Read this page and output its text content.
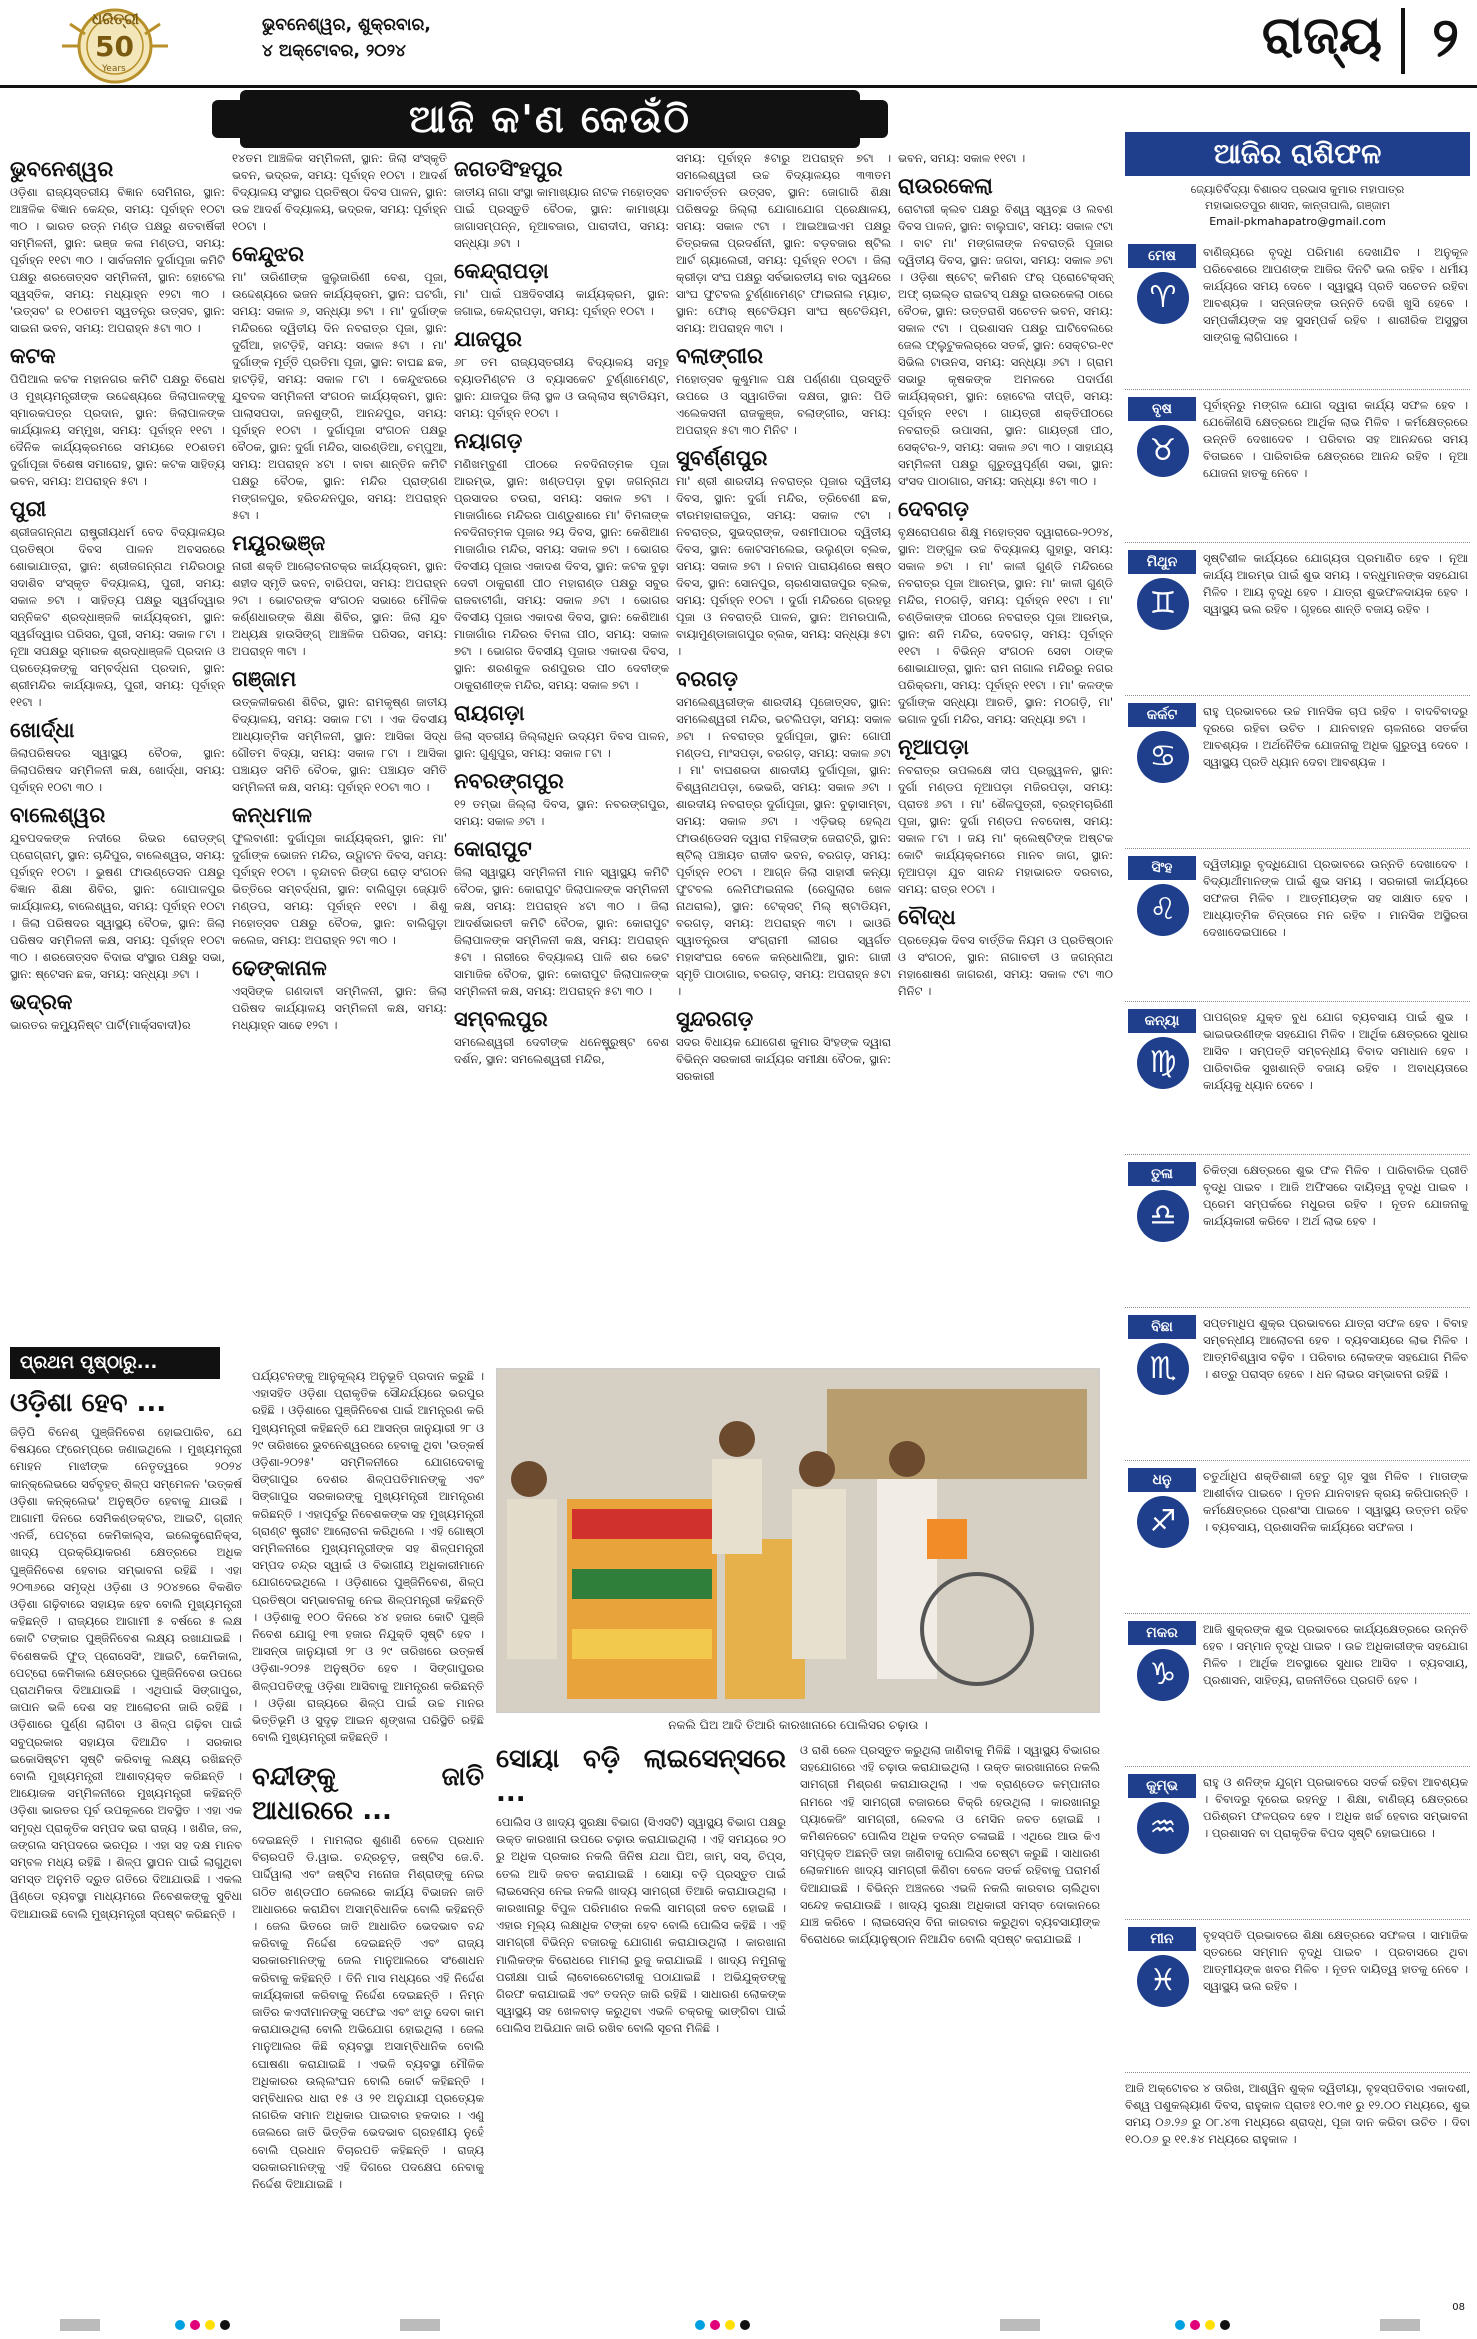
ଧରିତ୍ରୀ
50
Years
ଭୁବନେଶ୍ୱର, ଶୁକ୍ରବାର,
୪ ଅକ୍ଟୋବର, ୨୦୨୪	ରାଜ୍ୟ ୨
ଆଜି କ'ଣ କେଉଁଠି
ଭୁବନେଶ୍ୱର

ଓଡ଼ିଶା ରାଜ୍ୟସ୍ତରୀୟ ବିଜ୍ଞାନ ସେମିନାର, ସ୍ଥାନ: ଆଞ୍ଚଳିକ ବିଜ୍ଞାନ କେନ୍ଦ୍ର, ସମୟ: ପୂର୍ବାହ୍ନ ୧୦ଟା ୩୦ । ଭାରତ ରତ୍ନ ମଣ୍ଡ ପକ୍ଷରୁ ଶତବାର୍ଷିକୀ ସମ୍ମିଳନୀ, ସ୍ଥାନ: ଭଞ୍ଜ କଳା ମଣ୍ଡପ, ସମୟ: ପୂର୍ବାହ୍ନ ୧୧ଟା ୩୦ । ସାର୍ବଜନୀନ ଦୁର୍ଗାପୂଜା କମିଟି ପକ୍ଷରୁ ଶରତୋତ୍ସବ ସମ୍ମିଳନୀ, ସ୍ଥାନ: ହୋଟେଲ ସ୍ୱସ୍ତିକ, ସମୟ: ମଧ୍ୟାହ୍ନ ୧୨ଟା ୩୦ । 'ଉତ୍ସବ' ର ୧୦ଶତମ ସ୍ୱତନ୍ତ୍ର ଉତ୍ସବ, ସ୍ଥାନ: ସାଇନା ଭବନ, ସମୟ: ଅପରାହ୍ନ ୫ଟା ୩୦ ।

କଟକ

ପିପିଆଲ କଟକ ମହାନଗର କମିଟି ପକ୍ଷରୁ ବିରୋଧ ଓ ମୁଖ୍ୟମନ୍ତ୍ରୀଙ୍କ ଉଦ୍ଦେଶ୍ୟରେ ଜିଲାପାଳଙ୍କୁ ସ୍ମାରକପତ୍ର ପ୍ରଦାନ, ସ୍ଥାନ: ଜିଲାପାଳଙ୍କ କାର୍ଯ୍ୟାଳୟ ସମ୍ମୁଖ, ସମୟ: ପୂର୍ବାହ୍ନ ୧୧ଟା । ଦୈନିକ କାର୍ଯ୍ୟକ୍ରମରେ ସମୟରେ ୧୦ଶତମ ଦୁର୍ଗାପୂଜା ବିଶେଷ ସମାରୋହ, ସ୍ଥାନ: କଟକ ସାହିତ୍ୟ ଭବନ, ସମୟ: ଅପରାହ୍ନ ୫ଟା ।

ପୁରୀ

ଶ୍ରୀଜଗନ୍ନାଥ ରାଷ୍ଟ୍ରୀୟଧର୍ମ ବେଦ ବିଦ୍ୟାଳୟର ପ୍ରତିଷ୍ଠା ଦିବସ ପାଳନ ଅବସରରେ ଶୋଭାଯାତ୍ରା, ସ୍ଥାନ: ଶ୍ରୀଜଗନ୍ନାଥ ମନ୍ଦିରଠାରୁ ସଦାଶିବ ସଂସ୍କୃତ ବିଦ୍ୟାଳୟ, ପୁରୀ, ସମୟ: ସକାଳ ୭ଟା । ସାହିତ୍ୟ ପକ୍ଷରୁ ସ୍ୱର୍ଗଦ୍ୱାର ସନ୍ନିକଟ ଶ୍ରଦ୍ଧାଞ୍ଜଳି କାର୍ଯ୍ୟକ୍ରମ, ସ୍ଥାନ: ସ୍ୱର୍ଗଦ୍ୱାର ପରିସର, ପୁରୀ, ସମୟ: ସକାଳ ୮ଟା । ନୂଆ ସପକ୍ଷରୁ ସ୍ମାରକ ଶ୍ରଦ୍ଧାଞ୍ଜଳି ପ୍ରଦାନ ଓ ପ୍ରତ୍ୟେକଙ୍କୁ ସମ୍ବର୍ଦ୍ଧନା ପ୍ରଦାନ, ସ୍ଥାନ: ଶ୍ରୀମନ୍ଦିର କାର୍ଯ୍ୟାଳୟ, ପୁରୀ, ସମୟ: ପୂର୍ବାହ୍ନ ୧୧ଟା ।

ଖୋର୍ଦ୍ଧା

ଜିଲାପରିଷଦର ସ୍ୱାସ୍ଥ୍ୟ ବୈଠକ, ସ୍ଥାନ: ଜିଲାପରିଷଦ ସମ୍ମିଳନୀ କକ୍ଷ, ଖୋର୍ଦ୍ଧା, ସମୟ: ପୂର୍ବାହ୍ନ ୧୦ଟା ୩୦ ।

ବାଲେଶ୍ୱର

ଯୁବପଦକଙ୍କ ନଦୀରେ ରିଭର ରୋଡ୍‌ଙ୍ଗ୍ ପ୍ରୋଗ୍ରାମ୍, ସ୍ଥାନ: ଚାନ୍ଦିପୁର, ବାଲେଶ୍ୱର, ସମୟ: ପୂର୍ବାହ୍ନ ୧୦ଟା । ଭୁଷଣ ଫାଉଣ୍ଡେସନ ପକ୍ଷରୁ ବିଜ୍ଞାନ ଶିକ୍ଷା ଶିବିର, ସ୍ଥାନ: ଗୋପାଳପୁର କାର୍ଯ୍ୟାଳୟ, ବାଲେଶ୍ୱର, ସମୟ: ପୂର୍ବାହ୍ନ ୧୦ଟା । ଜିଲା ପରିଷଦର ସ୍ୱାସ୍ଥ୍ୟ ବୈଠକ, ସ୍ଥାନ: ଜିଲା ପରିଷଦ ସମ୍ମିଳନୀ କକ୍ଷ, ସମୟ: ପୂର୍ବାହ୍ନ ୧୦ଟା ୩୦ । ଶରତୋତ୍ସବ ବିଦାଇ ସଂସ୍ଥାର ପକ୍ଷରୁ ସଭା, ସ୍ଥାନ: ଷ୍ଟେସନ ଛକ, ସମୟ: ସନ୍ଧ୍ୟା ୬ଟା ।

ଭଦ୍ରକ

ଭାରତର କମ୍ୟୁନିଷ୍ଟ ପାର୍ଟି(ମାର୍କ୍ସବାଦୀ)ର

୧୪ତମ ଆଞ୍ଚଳିକ ସମ୍ମିଳନୀ, ସ୍ଥାନ: ଜିଲା ସଂସ୍କୃତି ଭବନ, ଭଦ୍ରକ, ସମୟ: ପୂର୍ବାହ୍ନ ୧୦ଟା । ଆଦର୍ଶ ବିଦ୍ୟାଳୟ ସଂସ୍ଥାର ପ୍ରତିଷ୍ଠା ଦିବସ ପାଳନ, ସ୍ଥାନ: ଉଚ୍ଚ ଆଦର୍ଶ ବିଦ୍ୟାଳୟ, ଭଦ୍ରକ, ସମୟ: ପୂର୍ବାହ୍ନ ୧୦ଟା ।

କେନ୍ଦୁଝର

ମା' ତାରିଣୀଙ୍କ ଜୁଲୁଜାରିଣୀ ବେଶ, ପୂଜା, ଉଦ୍ଦେଶ୍ୟରେ ଭଜନ କାର୍ଯ୍ୟକ୍ରମ, ସ୍ଥାନ: ଘଟଗାଁ, ସମୟ: ସକାଳ ୬, ସନ୍ଧ୍ୟା ୭ଟା । ମା' ଦୁର୍ଗାଙ୍କ ମନ୍ଦିରରେ ଦ୍ୱିତୀୟ ଦିନ ନବରାତ୍ର ପୂଜା, ସ୍ଥାନ: ଦୁର୍ଗିଆ, ହାଟଡ଼ିହି, ସମୟ: ସକାଳ ୫ଟା । ମା' ଦୁର୍ଗାଙ୍କ ମୂର୍ତ୍ତି ପ୍ରତିମା ପୂଜା, ସ୍ଥାନ: ବାଘଛ ଛକ, ହାଟଡ଼ିହି, ସମୟ: ସକାଳ ୮ଟା । କେନ୍ଦୁଝରରେ ଯୁବଦଳ ସମ୍ମିଳନୀ ସଂଗଠନ କାର୍ଯ୍ୟକ୍ରମ, ସ୍ଥାନ: ପାଲାସପଦା, ଜନଶୁଙ୍ଗି, ଆନନ୍ଦପୁର, ସମୟ: ପୂର୍ବାହ୍ନ ୧୦ଟା । ଦୁର୍ଗାପୂଜା ସଂଗଠନ ପକ୍ଷରୁ ବୈଠକ, ସ୍ଥାନ: ଦୁର୍ଗା ମନ୍ଦିର, ସାରଣ୍ଡିଆ, ଚମ୍ପୁଆ, ସମୟ: ଅପରାହ୍ନ ୪ଟା । ବାବା ଶାନ୍ତିନ କମିଟି ପକ୍ଷରୁ ବୈଠକ, ସ୍ଥାନ: ମନ୍ଦିର ପ୍ରାଙ୍ଗଣ ମଙ୍ଗଳପୁର, ହରିଚନ୍ଦନପୁର, ସମୟ: ଅପରାହ୍ନ ୫ଟା ।

ମୟୂରଭଞ୍ଜ

ନାରୀ ଶକ୍ତି ଆଲୋଚନାଚକ୍ର କାର୍ଯ୍ୟକ୍ରମ, ସ୍ଥାନ: ଶହୀଦ ସ୍ମୃତି ଭବନ, ବାରିପଦା, ସମୟ: ଅପରାହ୍ନ ୨ଟା । ଭୋଟରଙ୍କ ସଂଗଠନ ସଭାରେ ମୌଳିକ କର୍ଣ୍ଣଧାରଙ୍କ ଶିକ୍ଷା ଶିବିର, ସ୍ଥାନ: ଜିଲା ଯୁବ ଅଧ୍ୟକ୍ଷ ହାଉସିଙ୍ଗ୍ ଆଞ୍ଚଳିକ ପରିସର, ସମୟ: ଅପରାହ୍ନ ୩ଟା ।

ଗଞ୍ଜାମ

ଉତ୍କଳୀକରଣ ଶିବିର, ସ୍ଥାନ: ରାମକୃଷ୍ଣ ଜାତୀୟ ବିଦ୍ୟାଳୟ, ସମୟ: ସକାଳ ୮ଟା । ଏକ ଦିବସୀୟ ଆଧ୍ୟାତ୍ମିକ ସମ୍ମିଳନୀ, ସ୍ଥାନ: ଆସିକା ସିଦ୍ଧ ଗୌତମ ବିଦ୍ୟା, ସମୟ: ସକାଳ ୮ଟା । ଆସିକା ପଞ୍ଚାୟତ ସମିତି ବୈଠକ, ସ୍ଥାନ: ପଞ୍ଚାୟତ ସମିତି ସମ୍ମିଳନୀ କକ୍ଷ, ସମୟ: ପୂର୍ବାହ୍ନ ୧୦ଟା ୩୦ ।

କନ୍ଧମାଳ

ଫୁଲବାଣୀ: ଦୁର୍ଗାପୂଜା କାର୍ଯ୍ୟକ୍ରମ, ସ୍ଥାନ: ମା' ଦୁର୍ଗାଙ୍କ ଭୋଜନ ମନ୍ଦିର, ଉଦ୍ଘାଟନ ଦିବସ, ସମୟ: ପୂର୍ବାହ୍ନ ୧୦ଟା । ବୃନ୍ଦାବନ ରିଙ୍ଗ ରୋଡ଼ ସଂଗଠନ ଭିତ୍ତିରେ ସମ୍ବର୍ଦ୍ଧନା, ସ୍ଥାନ: ବାଲିଗୁଡ଼ା ଜ୍ୟୋତି ମଣ୍ଡପ, ସମୟ: ପୂର୍ବାହ୍ନ ୧୧ଟା । ଶିଶୁ ମହୋତ୍ସବ ପକ୍ଷରୁ ବୈଠକ, ସ୍ଥାନ: ବାଲିଗୁଡ଼ା କଲେଜ, ସମୟ: ଅପରାହ୍ନ ୨ଟା ୩୦ ।

ଢେଙ୍କାନାଳ

ଏସ୍‌ସିଙ୍କ ଗଣଦାବୀ ସମ୍ମିଳନୀ, ସ୍ଥାନ: ଜିଲା ପରିଷଦ କାର୍ଯ୍ୟାଳୟ ସମ୍ମିଳନୀ କକ୍ଷ, ସମୟ: ମଧ୍ୟାହ୍ନ ସାଢେ ୧୨ଟା ।

ଜଗତସିଂହପୁର

ଜାତୀୟ ନାଗା ସଂସ୍ଥା କାମାଖ୍ୟାର ନାଟକ ମହୋତ୍ସବ ପାଇଁ ପ୍ରସ୍ତୁତି ବୈଠକ, ସ୍ଥାନ: କାମାଖ୍ୟା ଜାଗାସମ୍ପନ୍ନ, ନୂଆବଜାର, ପାରାଦୀପ, ସମୟ: ସନ୍ଧ୍ୟା ୬ଟା ।

କେନ୍ଦ୍ରାପଡ଼ା

ମା' ପାଇଁ ପଞ୍ଚଦିବସୀୟ କାର୍ଯ୍ୟକ୍ରମ, ସ୍ଥାନ: ଜଗାଇ, କେନ୍ଦ୍ରାପଡ଼ା, ସମୟ: ପୂର୍ବାହ୍ନ ୧୦ଟା ।

ଯାଜପୁର

୬୮ ତମ ରାଜ୍ୟସ୍ତରୀୟ ବିଦ୍ୟାଳୟ ସମୂହ ବ୍ୟାଡମିଣ୍ଟନ ଓ ବ୍ୟାସକେଟ ଟୁର୍ଣ୍ଣାମେଣ୍ଟ, ସ୍ଥାନ: ଯାଜପୁର ଜିଲା ସ୍ଥଳ ଓ ଉଲ୍ଲାସ ଷ୍ଟାଡିୟମ, ସମୟ: ପୂର୍ବାହ୍ନ ୧୦ଟା ।

ନୟାଗଡ଼

ମଣିଖମ୍ବୁଣୀ ପୀଠରେ ନବଦିନାତ୍ମକ ପୂଜା ଆରମ୍ଭ, ସ୍ଥାନ: ଖଣ୍ଡପଡ଼ା ବୁଢ଼ା ଜଗନ୍ନାଥ ପ୍ରସାଦର ଚଉରା, ସମୟ: ସକାଳ ୭ଟା । ମାଜାଗାଁରେ ମନ୍ଦିରର ପାଣ୍ଡୁଶାରେ ମା' ବିମଳାଙ୍କ ନବଦିନାତ୍ମକ ପୂଜାର ୨ୟ ଦିବସ, ସ୍ଥାନ: କେଶିଆଣ ମାଜାଗାଁର ମନ୍ଦିର, ସମୟ: ସକାଳ ୭ଟା । ଭୋଗର ଦିବସୀୟ ପୂଜାର ଏକାଦଶ ଦିବସ, ସ୍ଥାନ: କଟକ ବୁଢ଼ା ଦେବୀ ଠାକୁରାଣୀ ପୀଠ ମହାରାଣ୍ଡ ପକ୍ଷରୁ ସବୁର ରାଜବାଟୀଗାଁ, ସମୟ: ସକାଳ ୬ଟା । ଭୋଗର ଦିବସୀୟ ପୂଜାର ଏକାଦଶ ଦିବସ, ସ୍ଥାନ: କେଶିଆଣ ମାଜାଗାଁର ମନ୍ଦିରର ବିମଳା ପୀଠ, ସମୟ: ସକାଳ ୭ଟା । ଭୋଗର ଦିବସୀୟ ପୂଜାର ଏକାଦଶ ଦିବସ, ସ୍ଥାନ: ଶରଣକୁଳ ରଣପୁରର ପୀଠ ଦେବୀଙ୍କ ଠାକୁରାଣୀଙ୍କ ମନ୍ଦିର, ସମୟ: ସକାଳ ୭ଟା ।

ରାୟଗଡ଼ା

ଜିଲା ସ୍ତରୀୟ ଜିଲ୍ଲାଧିନ ଉଦ୍ୟମ ଦିବସ ପାଳନ, ସ୍ଥାନ: ଗୁଣୁପୁର, ସମୟ: ସକାଳ ୮ଟା ।

ନବରଙ୍ଗପୁର

୧୨ ତମ୍ଭା ଜିଲ୍ଲା ଦିବସ, ସ୍ଥାନ: ନବରଙ୍ଗପୁର, ସମୟ: ସକାଳ ୬ଟା ।

କୋରାପୁଟ

ଜିଲା ସ୍ୱାସ୍ଥ୍ୟ ସମ୍ମିଳନୀ ମାନ ସ୍ୱାସ୍ଥ୍ୟ କମିଟି ବୈଠକ, ସ୍ଥାନ: କୋରାପୁଟ ଜିଲାପାଳଙ୍କ ସମ୍ମିଳନୀ କକ୍ଷ, ସମୟ: ଅପରାହ୍ନ ୪ଟା ୩୦ । ଜିଲା ଆଦର୍ଶଭାରତୀ କମିଟି ବୈଠକ, ସ୍ଥାନ: କୋରାପୁଟ ଜିଲାପାଳଙ୍କ ସମ୍ମିଳନୀ କକ୍ଷ, ସମୟ: ଅପରାହ୍ନ ୫ଟା । ନାରୀରେ ବିଦ୍ୟାଳୟ ପାଳି ଶର ଭେଟ ସାମାଜିକ ବୈଠକ, ସ୍ଥାନ: କୋରାପୁଟ ଜିଲାପାଳଙ୍କ ସମ୍ମିଳନୀ କକ୍ଷ, ସମୟ: ଅପରାହ୍ନ ୫ଟା ୩୦ ।

ସମ୍ବଲପୁର

ସମଲେଶ୍ୱରୀ ଦେବୀଙ୍କ ଧନେଷ୍ଟ୍ରୁଷ୍ଟ ବେଶ ଦର୍ଶନ, ସ୍ଥାନ: ସମଲେଶ୍ୱରୀ ମନ୍ଦିର,

ସମୟ: ପୂର୍ବାହ୍ନ ୫ଟାରୁ ଅପରାହ୍ନ ୭ଟା । ସମଲେଶ୍ୱରୀ ଉଚ୍ଚ ବିଦ୍ୟାଳୟର ୩୩ତମ ସମାବର୍ତ୍ତନ ଉତ୍ସବ, ସ୍ଥାନ: ଜୋଗାରି ଶିକ୍ଷା ପରିଷଦରୁ ଜିଲ୍ଲା ଯୋଗାଯୋଗ ପ୍ରେକ୍ଷାଳୟ, ସମୟ: ସକାଳ ୯ଟା । ଆଇଆଇଏମ ପକ୍ଷରୁ ଚିତ୍ରକଳା ପ୍ରଦର୍ଶନୀ, ସ୍ଥାନ: ବଡ଼ବଜାର ଷ୍ଟିଲ ଆର୍ଟ ଗ୍ୟାଲେରୀ, ସମୟ: ପୂର୍ବାହ୍ନ ୧୦ଟା । ଜିଲା କ୍ରୀଡ଼ା ସଂଘ ପକ୍ଷରୁ ସର୍ବଭାରତୀୟ ବାର ଦ୍ୱନ୍ଦରେ ସାଂଘ ଫୁଟବଲ ଟୁର୍ଣ୍ଣାମେଣ୍ଟ ଫାଇନାଲ ମ୍ୟାଚ, ସ୍ଥାନ: ଫୋର୍ ଷ୍ଟେଡିୟମ ସାଂଘ ଷ୍ଟେଡିୟମ, ସମୟ: ଅପରାହ୍ନ ୩ଟା ।

ବଲାଙ୍ଗୀର

ମହୋତ୍ସବ କୁଣ୍ଢୁମାଳ ପକ୍ଷ ପର୍ଣ୍ଣଣା ପ୍ରସ୍ତୁତି ଉପରେ ଓ ସ୍ୱାଗତିକା ଦକ୍ଷତା, ସ୍ଥାନ: ପିଡି ଏଲେକସନୀ ରାଜକୁଞ୍ଜ, ବଲାଙ୍ଗୀର, ସମୟ: ଅପରାହ୍ନ ୫ଟା ୩୦ ମିନିଟ ।

ସୁବର୍ଣ୍ଣପୁର

ମା' ଶ୍ରୀ ଶାରଦୀୟ ନବରାତ୍ର ପୂଜାର ଦ୍ୱିତୀୟ ଦିବସ, ସ୍ଥାନ: ଦୁର୍ଗା ମନ୍ଦିର, ତ୍ରିବେଣୀ ଛକ, ବୀରମହାରାଜପୁର, ସମୟ: ସକାଳ ୯ଟା । ନବରାତ୍ର, ସୁଭଦ୍ରାଙ୍କ, ଦଶମୀପାଠର ଦ୍ୱିତୀୟ ଦିବସ, ସ୍ଥାନ: କୋଟସମଲେଇ, ଉଲୁଣ୍ଡା ବ୍ଲକ, ସମୟ: ସକାଳ ୭ଟା । ନବାନ ପାରାୟଣରେ ଷଷ୍ଠ ଦିବସ, ସ୍ଥାନ: ସୋନପୁର, ଚାରଣସାରାଜପୁର ବ୍ଲକ, ସମୟ: ପୂର୍ବାହ୍ନ ୧୦ଟା । ଦୁର୍ଗା ମନ୍ଦିରରେ ଗ୍ରହରୂ ପୂଜା ଓ ନବରାତ୍ରି ପାଳନ, ସ୍ଥାନ: ଅମରପାଲି, ବାୟାମୁଣ୍ଡାଜାଗପୁର ବ୍ଲକ, ସମୟ: ସନ୍ଧ୍ୟା ୫ଟା ।

ବରଗଡ଼

ସମଲେଶ୍ୱରୀଙ୍କ ଶାରଦୀୟ ପୂଜୋତ୍ସବ, ସ୍ଥାନ: ସମଲେଶ୍ୱରୀ ମନ୍ଦିର, ଭଟଲିପଡ଼ା, ସମୟ: ସକାଳ ୬ଟା । ନବରାତ୍ର ଦୁର୍ଗାପୂଜା, ସ୍ଥାନ: ଗୋପୀ ମଣ୍ଡପ, ମାଂସପଡ଼ା, ବରଗଡ଼, ସମୟ: ସକାଳ ୬ଟା । ମା' ବାଘଶରଦା ଶାରଦୀୟ ଦୁର୍ଗାପୂଜା, ସ୍ଥାନ: ବିଶ୍ୱନାଥପଡ଼ା, ଭେଭରି, ସମୟ: ସକାଳ ୬ଟା । ଶାରଦୀୟ ନବରାତ୍ର ଦୁର୍ଗାପୂଜା, ସ୍ଥାନ: ବୁଢ଼ାସାମ୍ବା, ସମୟ: ସକାଳ ୬ଟା । ଏଡ଼ିଭର୍ ହେଲ୍‌ଥ ଫାଉଣ୍ଡେସନ ଦ୍ୱାରା ମହିଳାଙ୍କ ଜେରାଟ୍ରି, ସ୍ଥାନ: ଷ୍ଟିଲ୍ ପଞ୍ଚାୟତ ରାଜୀବ ଭବନ, ବରଗଡ଼, ସମୟ: ପୂର୍ବାହ୍ନ ୧୦ଟା । ଆଗ୍ନ ଜିଲା ସାହାସୀ କନ୍ୟା ଫୁଟବଲ ଲେମିଫାଇନାଲ (ରେଗୁଲାର ଖେଳ ନାଥରାଲ), ସ୍ଥାନ: ଟେକ୍ସଟ୍ ମିଲ୍ ଷ୍ଟାଡିୟମ, ବରଗଡ଼, ସମୟ: ଅପରାହ୍ନ ୩ଟା । ଭାଓରି ସ୍ୱାତନ୍ତ୍ରତା ସଂଗ୍ରାମୀ ଲୀଗର ସ୍ୱର୍ଗତ ମହାସଂଘର ବେଳେ କନ୍ଧୋଲିଆ, ସ୍ଥାନ: ଗାଜୀ ସ୍ମୃତି ପାଠାଗାର, ବରଗଡ଼, ସମୟ: ଅପରାହ୍ନ ୫ଟା ।

ସୁନ୍ଦରଗଡ଼

ସଦର ବିଧାୟକ ଯୋଗେଶ କୁମାର ସିଂହଙ୍କ ଦ୍ୱାରା ବିଭିନ୍ନ ସରକାରୀ କାର୍ଯ୍ୟର ସମୀକ୍ଷା ବୈଠକ, ସ୍ଥାନ: ସରକାରୀ

ଭବନ, ସମୟ: ସକାଳ ୧୧ଟା ।

ରାଉରକେଲା

ରୋଟାରୀ କ୍ଲବ ପକ୍ଷରୁ ବିଶ୍ୱ ସ୍ୱଚ୍ଛ ଓ ଲବଣ ଦିବସ ପାଳନ, ସ୍ଥାନ: ବାଲୁଘାଟ, ସମୟ: ସକାଳ ୯ଟା । ବାଟ ମା' ମଙ୍ଗଳାଙ୍କ ନବରାତ୍ରି ପୂଜାର ଦ୍ୱିତୀୟ ଦିବସ, ସ୍ଥାନ: ଜଗଦା, ସମୟ: ସକାଳ ୬ଟା । ଓଡ଼ିଶା ଷ୍ଟେଟ୍ କମିଶନ ଫର୍ ପ୍ରୋଟେକ୍ସନ୍ ଅଫ୍ ଚାଇଲ୍ଡ ରାଇଟସ୍ ପକ୍ଷରୁ ରାଉରକେଲା ଠାରେ ବୈଠକ, ସ୍ଥାନ: ଉତ୍ତରାଶି ସଚେତନ ଭବନ, ସମୟ: ସକାଳ ୯ଟା । ପ୍ରଶାସନ ପକ୍ଷରୁ ଘାଟିବେଲରେ ଜେଲ ଫ୍ଲୁଟୁକଲର୍‌ରେ ସତର୍କ, ସ୍ଥାନ: ସେକ୍ଟର-୧୯ ସିଭିଲ ଟାଉନସ, ସମୟ: ସନ୍ଧ୍ୟା ୬ଟା । ଗ୍ରାମ ସଭାରୁ କୃଷକଙ୍କ ଅମଳରେ ପଦାର୍ପଣ କାର୍ଯ୍ୟକ୍ରମ, ସ୍ଥାନ: ହୋଟେଲ ଦୀପ୍ତି, ସମୟ: ପୂର୍ବାହ୍ନ ୧୧ଟା । ଗାୟତ୍ରୀ ଶକ୍ତିପୀଠରେ ନବରାତ୍ରି ଉପାସନା, ସ୍ଥାନ: ଗାୟତ୍ରୀ ପୀଠ, ସେକ୍ଟର-୨, ସମୟ: ସକାଳ ୬ଟା ୩୦ । ସାହାଯ୍ୟ ସମ୍ମିଳନୀ ପକ୍ଷରୁ ଗୁରୁତ୍ୱପୂର୍ଣ୍ଣ ସଭା, ସ୍ଥାନ: ସଂସଦ ପାଠାଗାର, ସମୟ: ସନ୍ଧ୍ୟା ୫ଟା ୩୦ ।

ଦେବଗଡ଼

ବୃକ୍ଷରୋପଣର ଶିକ୍ଷୁ ମହୋତ୍ସବ ଦ୍ୱାରାରେ-୨୦୨୪, ସ୍ଥାନ: ଅଙ୍ଗୁଳ ଉଚ୍ଚ ବିଦ୍ୟାଳୟ ଗୁହାରୁ, ସମୟ: ସକାଳ ୭ଟା । ମା' କାଳୀ ଗୁଣ୍ଡି ମନ୍ଦିରରେ ନବରାତ୍ର ପୂଜା ଆରମ୍ଭ, ସ୍ଥାନ: ମା' କାଳୀ ଗୁଣ୍ଡି ମନ୍ଦିର, ମଠଗଡ଼ି, ସମୟ: ପୂର୍ବାହ୍ନ ୧୧ଟା । ମା' ଚଣ୍ଡିକାଙ୍କ ପୀଠରେ ନବରାତ୍ର ପୂଜା ଆରମ୍ଭ, ସ୍ଥାନ: ଶନି ମନ୍ଦିର, ଦେବଗଡ଼, ସମୟ: ପୂର୍ବାହ୍ନ ୧୧ଟା । ବିଭିନ୍ନ ସଂଗଠନ ସେବା ଠାଙ୍କ ଶୋଭାଯାତ୍ରା, ସ୍ଥାନ: ରାମ ନାଗାଲ ମନ୍ଦିରରୁ ନଗର ପରିକ୍ରମା, ସମୟ: ପୂର୍ବାହ୍ନ ୧୧ଟା । ମା' କଳଙ୍କ ଦୁର୍ଗାଙ୍କ ସନ୍ଧ୍ୟା ଆରତି, ସ୍ଥାନ: ମଠଗଡ଼ି, ମା' ଭଗାଳ ଦୁର୍ଗା ମନ୍ଦିର, ସମୟ: ସନ୍ଧ୍ୟା ୭ଟା ।

ନୂଆପଡ଼ା

ନବରାତ୍ର ଉପଲକ୍ଷେ ଦୀପ ପ୍ରଜ୍ଜ୍ୱଳନ, ସ୍ଥାନ: ଦୁର୍ଗା ମଣ୍ଡପ ନୂଆପଡ଼ା ମଜିରପଡ଼ା, ସମୟ: ପ୍ରାତଃ ୬ଟା । ମା' ଶୈଳପୁତ୍ରୀ, ବ୍ରହ୍ମଚାରିଣୀ ପୂଜା, ସ୍ଥାନ: ଦୁର୍ଗା ମଣ୍ଡପ ନବଦୋଷ, ସମୟ: ସକାଳ ୮ଟା । ଜୟ ମା' କ୍ଲେଷ୍ଟିଙ୍କ ଅଷ୍ଟକ କୋଟି କାର୍ଯ୍ୟକ୍ରମରେ ମାନବ ଜାଗ, ସ୍ଥାନ: ନୂଆପଡ଼ା ଯୁବ ସାନନ୍ଦ ମହାଭାରତ ଦରବାର, ସମୟ: ରାତ୍ର ୧୦ଟା ।

ବୌଦ୍ଧ

ପ୍ରତ୍ୟେକ ଦିବସ ବାର୍ତ୍ତିକ ନିୟମ ଓ ପ୍ରତିଷ୍ଠାନ ଓ ସଂଗଠନ, ସ୍ଥାନ: ନାଗାବତୀ ଓ ଜଗନ୍ନାଥ ମହାଶୋଷଣ ଜାଗରଣ, ସମୟ: ସକାଳ ୯ଟା ୩୦ ମିନିଟ ।

ଆଜିର ରାଶିଫଳ
ଜ୍ୟୋତିର୍ବିଦ୍ୟା ବିଶାରଦ ପ୍ରଭାସ କୁମାର ମହାପାତ୍ର
ମହାଭାରତପୁର ଶାସନ, କାନ୍ତାପାଲି, ଗଞ୍ଜାମ
Email-pkmahapatro@gmail.com
ମେଷ
♈
ବାଣିଜ୍ୟରେ ବୃଦ୍ଧି ପରିମାଣ ଦେଖାଯିବ । ଅନୁକୂଳ ପରିବେଶରେ ଆପଣଙ୍କ ଆଜିର ଦିନଟି ଭଲ ରହିବ । ଧର୍ମୀୟ କାର୍ଯ୍ୟରେ ସମୟ ଦେବେ । ସ୍ୱାସ୍ଥ୍ୟ ପ୍ରତି ସଚେତନ ରହିବା ଆବଶ୍ୟକ । ସନ୍ତାନଙ୍କ ଉନ୍ନତି ଦେଖି ଖୁସି ହେବେ । ସମ୍ପର୍କୀୟଙ୍କ ସହ ସୁସମ୍ପର୍କ ରହିବ । ଶାରୀରିକ ଅସୁସ୍ଥତା ସାଙ୍ଗକୁ ଲାଗିପାରେ ।
ବୃଷ
♉
ପୂର୍ବାହ୍ନରୁ ମଙ୍ଗଳ ଯୋଗ ଦ୍ୱାରା କାର୍ଯ୍ୟ ସଫଳ ହେବ । ଯେକୌଣସି କ୍ଷେତ୍ରରେ ଆର୍ଥିକ ଲାଭ ମିଳିବ । କର୍ମକ୍ଷେତ୍ରରେ ଉନ୍ନତି ଦେଖାଦେବ । ପରିବାର ସହ ଆନନ୍ଦରେ ସମୟ ବିତାଇବେ । ପାରିବାରିକ କ୍ଷେତ୍ରରେ ଆନନ୍ଦ ରହିବ । ନୂଆ ଯୋଜନା ହାତକୁ ନେବେ ।
ମିଥୁନ
♊
ସୃଷ୍ଟିଶୀଳ କାର୍ଯ୍ୟରେ ଯୋଗ୍ୟତା ପ୍ରମାଣିତ ହେବ । ନୂଆ କାର୍ଯ୍ୟ ଆରମ୍ଭ ପାଇଁ ଶୁଭ ସମୟ । ବନ୍ଧୁମାନଙ୍କ ସହଯୋଗ ମିଳିବ । ଆୟ ବୃଦ୍ଧି ହେବ । ଯାତ୍ରା ଶୁଭଫଳଦାୟକ ହେବ । ସ୍ୱାସ୍ଥ୍ୟ ଭଲ ରହିବ । ଗୃହରେ ଶାନ୍ତି ବଜାୟ ରହିବ ।
କର୍କଟ
♋
ରାହୁ ପ୍ରଭାବରେ ଉଚ୍ଚ ମାନସିକ ଚାପ ରହିବ । ବାଦବିବାଦରୁ ଦୂରରେ ରହିବା ଉଚିତ । ଯାନବାହନ ଚାଳନାରେ ସତର୍କତା ଆବଶ୍ୟକ । ଅର୍ଥନୈତିକ ଯୋଜନାକୁ ଅଧିକ ଗୁରୁତ୍ୱ ଦେବେ । ସ୍ୱାସ୍ଥ୍ୟ ପ୍ରତି ଧ୍ୟାନ ଦେବା ଆବଶ୍ୟକ ।
ସିଂହ
♌
ଦ୍ୱିତୀୟାରୁ ବୃଦ୍ଧିଯୋଗ ପ୍ରଭାବରେ ଉନ୍ନତି ଦେଖାଦେବ । ବିଦ୍ୟାର୍ଥୀମାନଙ୍କ ପାଇଁ ଶୁଭ ସମୟ । ସରକାରୀ କାର୍ଯ୍ୟରେ ସଫଳତା ମିଳିବ । ଆତ୍ମୀୟଙ୍କ ସହ ସାକ୍ଷାତ ହେବ । ଆଧ୍ୟାତ୍ମିକ ଚିନ୍ତାରେ ମନ ରହିବ । ମାନସିକ ଅସ୍ଥିରତା ଦେଖାଦେଇପାରେ ।
କନ୍ୟା
♍
ପାପଗ୍ରହ ଯୁକ୍ତ ବୁଧ ଯୋଗ ବ୍ୟବସାୟ ପାଇଁ ଶୁଭ । ଭାଇଭଉଣୀଙ୍କ ସହଯୋଗ ମିଳିବ । ଆର୍ଥିକ କ୍ଷେତ୍ରରେ ସୁଧାର ଆସିବ । ସମ୍ପତ୍ତି ସମ୍ବନ୍ଧୀୟ ବିବାଦ ସମାଧାନ ହେବ । ପାରିବାରିକ ସୁଖଶାନ୍ତି ବଜାୟ ରହିବ । ଅବାଧ୍ୟତାରେ କାର୍ଯ୍ୟକୁ ଧ୍ୟାନ ଦେବେ ।
ତୁଳା
♎
ଚିକିତ୍ସା କ୍ଷେତ୍ରରେ ଶୁଭ ଫଳ ମିଳିବ । ପାରିବାରିକ ପ୍ରୀତି ବୃଦ୍ଧି ପାଇବ । ଆଜି ଅଫିସରେ ଦାୟିତ୍ୱ ବୃଦ୍ଧି ପାଇବ । ପ୍ରେମ ସମ୍ପର୍କରେ ମଧୁରତା ରହିବ । ନୂତନ ଯୋଜନାକୁ କାର୍ଯ୍ୟକାରୀ କରିବେ । ଅର୍ଥ ଲାଭ ହେବ ।
ବିଛା
♏
ସପ୍ତମାଧିପ ଶୁକ୍ର ପ୍ରଭାବରେ ଯାତ୍ରା ସଫଳ ହେବ । ବିବାହ ସମ୍ବନ୍ଧୀୟ ଆଲୋଚନା ହେବ । ବ୍ୟବସାୟରେ ଲାଭ ମିଳିବ । ଆତ୍ମବିଶ୍ୱାସ ବଢ଼ିବ । ପରିବାର ଲୋକଙ୍କ ସହଯୋଗ ମିଳିବ । ଶତ୍ରୁ ପରାସ୍ତ ହେବେ । ଧନ ଲାଭର ସମ୍ଭାବନା ରହିଛି ।
ଧନୁ
♐
ଚତୁର୍ଥାଧିପ ଶକ୍ତିଶାଳୀ ହେତୁ ଗୃହ ସୁଖ ମିଳିବ । ମାତାଙ୍କ ଆଶୀର୍ବାଦ ପାଇବେ । ନୂତନ ଯାନବାହନ କ୍ରୟ କରିପାରନ୍ତି । କର୍ମକ୍ଷେତ୍ରରେ ପ୍ରଶଂସା ପାଇବେ । ସ୍ୱାସ୍ଥ୍ୟ ଉତ୍ତମ ରହିବ । ବ୍ୟବସାୟ, ପ୍ରଶାସନିକ କାର୍ଯ୍ୟରେ ସଫଳତା ।
ମକର
♑
ଆଜି ଶୁକ୍ରଙ୍କ ଶୁଭ ପ୍ରଭାବରେ କାର୍ଯ୍ୟକ୍ଷେତ୍ରରେ ଉନ୍ନତି ହେବ । ସମ୍ମାନ ବୃଦ୍ଧି ପାଇବ । ଉଚ୍ଚ ଅଧିକାରୀଙ୍କ ସହଯୋଗ ମିଳିବ । ଆର୍ଥିକ ଅବସ୍ଥାରେ ସୁଧାର ଆସିବ । ବ୍ୟବସାୟ, ପ୍ରଶାସନ, ସାହିତ୍ୟ, ରାଜନୀତିରେ ପ୍ରଗତି ହେବ ।
କୁମ୍ଭ
♒
ରାହୁ ଓ ଶନିଙ୍କ ଯୁଗ୍ମ ପ୍ରଭାବରେ ସତର୍କ ରହିବା ଆବଶ୍ୟକ । ବିବାଦରୁ ଦୂରେଇ ରହନ୍ତୁ । ଶିକ୍ଷା, ବାଣିଜ୍ୟ କ୍ଷେତ୍ରରେ ପରିଶ୍ରମ ଫଳପ୍ରଦ ହେବ । ଅଧିକ ଖର୍ଚ୍ଚ ହେବାର ସମ୍ଭାବନା । ପ୍ରଶାସନ ବା ପ୍ରାକୃତିକ ବିପଦ ସୃଷ୍ଟି ହୋଇପାରେ ।
ମୀନ
♓
ବୃହସ୍ପତି ପ୍ରଭାବରେ ଶିକ୍ଷା କ୍ଷେତ୍ରରେ ସଫଳତା । ସାମାଜିକ ସ୍ତରରେ ସମ୍ମାନ ବୃଦ୍ଧି ପାଇବ । ପ୍ରବାସରେ ଥିବା ଆତ୍ମୀୟଙ୍କ ଖବର ମିଳିବ । ନୂତନ ଦାୟିତ୍ୱ ହାତକୁ ନେବେ । ସ୍ୱାସ୍ଥ୍ୟ ଭଲ ରହିବ ।
ଆଜି ଅକ୍ଟୋବର ୪ ତାରିଖ, ଆଶ୍ୱିନ ଶୁକ୍ଳ ଦ୍ୱିତୀୟା, ବୃହସ୍ପତିବାର ଏକାଦଶୀ, ବିଶ୍ୱ ପଶୁକଲ୍ୟାଣ ଦିବସ, ରାହୁକାଳ ପ୍ରାତଃ ୧୦.୩୧ ରୁ ୧୨.୦୦ ମଧ୍ୟରେ, ଶୁଭ ସମୟ ୦୬.୨୬ ରୁ ୦୮.୪୩ ମଧ୍ୟରେ ଶ୍ରାଦ୍ଧ, ପୂଜା ଦାନ କରିବା ଉଚିତ । ଦିବା ୧୦.୦୬ ରୁ ୧୧.୫୪ ମଧ୍ୟରେ ରାହୁକାଳ ।
ପ୍ରଥମ ପୃଷ୍ଠାରୁ...
ଓଡ଼ିଶା ହେବ ...

ଜିଡ଼ିପି ବିନେଶ୍‌ ପୁଞ୍ଜିନିବେଶ ହୋଇପାରିବ, ଯେ ବିଷୟରେ ଫ୍ରେମ୍‌ପ୍ରେ ଜଣାଇଥିଲେ । ମୁଖ୍ୟମନ୍ତ୍ରୀ ମୋହନ ମାଝୀଙ୍କ ନେତୃତ୍ୱରେ ୨୦୨୪ କାନ୍‌କ୍ଲେଭରେ ସର୍ବବୃହତ୍‌ ଶିଳ୍ପ ସମ୍ମେଳନ 'ଉତ୍କର୍ଷ ଓଡ଼ିଶା କନ୍‌କ୍ଲେଭ' ଅନୁଷ୍ଠିତ ହେବାକୁ ଯାଉଛି । ଆଗାମୀ ଦିନରେ ସେମିକଣ୍ଡକ୍ଟର, ଆଇଟି, ଗ୍ରୀନ୍‌ ଏନର୍ଜି, ପେଟ୍ରୋ କେମିକାଲ୍‌ସ, ଇଲେକ୍ଟ୍ରୋନିକ୍ସ, ଖାଦ୍ୟ ପ୍ରକ୍ରିୟାକରଣ କ୍ଷେତ୍ରରେ ଅଧିକ ପୁଞ୍ଜିନିବେଶ ହେବାର ସମ୍ଭାବନା ରହିଛି । ଏହା ୨୦୩୬ରେ ସମୃଦ୍ଧ ଓଡ଼ିଶା ଓ ୨୦୪୭ରେ ବିକଶିତ ଓଡ଼ିଶା ଗଢ଼ିବାରେ ସହାୟକ ହେବ ବୋଲି ମୁଖ୍ୟମନ୍ତ୍ରୀ କହିଛନ୍ତି । ରାଜ୍ୟରେ ଆଗାମୀ ୫ ବର୍ଷରେ ୫ ଲକ୍ଷ କୋଟି ଟଙ୍କାର ପୁଞ୍ଜିନିବେଶ ଲକ୍ଷ୍ୟ ରଖାଯାଇଛି । ବିଶେଷକରି ଫୁଡ୍‌ ପ୍ରୋସେସିଂ, ଆଇଟି, କେମିକାଲ, ପେଟ୍ରୋ କେମିକାଲ କ୍ଷେତ୍ରରେ ପୁଞ୍ଜିନିବେଶ ଉପରେ ପ୍ରାଥମିକତା ଦିଆଯାଉଛି । ଏଥିପାଇଁ ସିଙ୍ଗାପୁର, ଜାପାନ ଭଳି ଦେଶ ସହ ଆଲୋଚନା ଜାରି ରହିଛି । ଓଡ଼ିଶାରେ ପୁର୍ଣ୍ଣ ଲାଗିବା ଓ ଶିଳ୍ପ ଗଢ଼ିବା ପାଇଁ ସବୁପ୍ରକାର ସହାୟତା ଦିଆଯିବ । ସରକାର ଇକୋସିଷ୍ଟମ ସୃଷ୍ଟି କରିବାକୁ ଲକ୍ଷ୍ୟ ରଖିଛନ୍ତି ବୋଲି ମୁଖ୍ୟମନ୍ତ୍ରୀ ଆଶାବ୍ୟକ୍ତ କରିଛନ୍ତି । ଆୟୋଜକ ସମ୍ମିଳନୀରେ ମୁଖ୍ୟମନ୍ତ୍ରୀ କହିଛନ୍ତି ଓଡ଼ିଶା ଭାରତର ପୂର୍ବ ଉପକୂଳରେ ଅବସ୍ଥିତ । ଏହା ଏକ ସମୃଦ୍ଧ ପ୍ରାକୃତିକ ସମ୍ପଦ ଭରା ରାଜ୍ୟ । ଖଣିଜ, ଜଳ, ଜଙ୍ଗଲ ସମ୍ପଦରେ ଭରପୂର । ଏହା ସହ ଦକ୍ଷ ମାନବ ସମ୍ବଳ ମଧ୍ୟ ରହିଛି । ଶିଳ୍ପ ସ୍ଥାପନ ପାଇଁ ଲାଗୁଥିବା ସମସ୍ତ ଅନୁମତି ଦ୍ରୁତ ଗତିରେ ଦିଆଯାଉଛି । ଏକଲ ୱିଣ୍ଡୋ ବ୍ୟବସ୍ଥା ମାଧ୍ୟମରେ ନିବେଶକଙ୍କୁ ସୁବିଧା ଦିଆଯାଉଛି ବୋଲି ମୁଖ୍ୟମନ୍ତ୍ରୀ ସ୍ପଷ୍ଟ କରିଛନ୍ତି ।

ପର୍ଯ୍ୟଟନଙ୍କୁ ଆନୁକୂଲ୍ୟ ଅନୁଭୂତି ପ୍ରଦାନ କରୁଛି । ଏହାସହିତ ଓଡ଼ିଶା ପ୍ରାକୃତିକ ସୌନ୍ଦର୍ଯ୍ୟରେ ଭରପୁର ରହିଛି । ଓଡ଼ିଶାରେ ପୁଞ୍ଜିନିବେଶ ପାଇଁ ଆମନ୍ତ୍ରଣ କରି ମୁଖ୍ୟମନ୍ତ୍ରୀ କହିଛନ୍ତି ଯେ ଆସନ୍ତା ଜାନୁୟାରୀ ୨୮ ଓ ୨୯ ତାରିଖରେ ଭୁବନେଶ୍ୱରରେ ହେବାକୁ ଥିବା 'ଉତ୍କର୍ଷ ଓଡ଼ିଶା-୨୦୨୫' ସମ୍ମିଳନୀରେ ଯୋଗଦେବାକୁ ସିଙ୍ଗାପୁର ଦେଶର ଶିଳ୍ପପତିମାନଙ୍କୁ ଏବଂ ସିଙ୍ଗାପୁର ସରକାରଙ୍କୁ ମୁଖ୍ୟମନ୍ତ୍ରୀ ଆମନ୍ତ୍ରଣ କରିଛନ୍ତି । ଏହାପୂର୍ବରୁ ନିବେଶକଙ୍କ ସହ ମୁଖ୍ୟମନ୍ତ୍ରୀ ଗ୍ରାଣ୍ଟ ଷ୍ଟ୍ରୀଟ ଆଲୋଚନା କରିଥିଲେ । ଏହି ଗୋଷ୍ଠୀ ସମ୍ମିଳନୀରେ ମୁଖ୍ୟମନ୍ତ୍ରୀଙ୍କ ସହ ଶିଳ୍ପମନ୍ତ୍ରୀ ସମ୍ପଦ ଚନ୍ଦ୍ର ସ୍ୱାଇଁ ଓ ବିଭାଗୀୟ ଅଧିକାରୀମାନେ ଯୋଗଦେଇଥିଲେ । ଓଡ଼ିଶାରେ ପୁଞ୍ଜିନିବେଶ, ଶିଳ୍ପ ପ୍ରତିଷ୍ଠା ସମ୍ଭାବନାକୁ ନେଇ ଶିଳ୍ପମନ୍ତ୍ରୀ କହିଛନ୍ତି । ଓଡ଼ିଶାକୁ ୧୦୦ ଦିନରେ ୪୪ ହଜାର କୋଟି ପୁଞ୍ଜି ନିବେଶ ଯୋଗୁ ୧୩ ହଜାର ନିଯୁକ୍ତି ସୃଷ୍ଟି ହେବ । ଆସନ୍ତା ଜାନୁୟାରୀ ୨୮ ଓ ୨୯ ତାରିଖରେ ଉତ୍କର୍ଷ ଓଡ଼ିଶା-୨୦୨୫ ଅନୁଷ୍ଠିତ ହେବ । ସିଙ୍ଗାପୁରର ଶିଳ୍ପପତିଙ୍କୁ ଓଡ଼ିଶା ଆସିବାକୁ ଆମନ୍ତ୍ରଣ କରିଛନ୍ତି । ଓଡ଼ିଶା ରାଜ୍ୟରେ ଶିଳ୍ପ ପାଇଁ ଉଚ୍ଚ ମାନର ଭିତ୍ତିଭୂମି ଓ ସୁଦୃଢ଼ ଆଇନ ଶୃଙ୍ଖଳା ପରିସ୍ଥିତି ରହିଛି ବୋଲି ମୁଖ୍ୟମନ୍ତ୍ରୀ କହିଛନ୍ତି ।

ବନ୍ଦୀଙ୍କୁ ଜାତି ଆଧାରରେ ...

ଦେଇଛନ୍ତି । ମାମଲାର ଶୁଣାଣି ବେଳେ ପ୍ରଧାନ ବିଚାରପତି ଡି.ୱାଇ. ଚନ୍ଦ୍ରଚୂଡ଼, ଜଷ୍ଟିସ ଜେ.ବି. ପାର୍ଦ୍ଦିୱାଲା ଏବଂ ଜଷ୍ଟିସ ମନୋଜ ମିଶ୍ରାଙ୍କୁ ନେଇ ଗଠିତ ଖଣ୍ଡପୀଠ ଜେଲରେ କାର୍ଯ୍ୟ ବିଭାଜନ ଜାତି ଆଧାରରେ କରାଯିବା ଅସାମ୍ବିଧାନିକ ବୋଲି କହିଛନ୍ତି । ଜେଲ ଭିତରେ ଜାତି ଆଧାରିତ ଭେଦଭାବ ବନ୍ଦ କରିବାକୁ ନିର୍ଦ୍ଦେଶ ଦେଇଛନ୍ତି ଏବଂ ରାଜ୍ୟ ସରକାରମାନଙ୍କୁ ଜେଲ ମାନୁଆଲରେ ସଂଶୋଧନ କରିବାକୁ କହିଛନ୍ତି । ତିନି ମାସ ମଧ୍ୟରେ ଏହି ନିର୍ଦ୍ଦେଶ କାର୍ଯ୍ୟକାରୀ କରିବାକୁ ନିର୍ଦ୍ଦେଶ ଦେଇଛନ୍ତି । ନିମ୍ନ ଜାତିର କଏଦୀମାନଙ୍କୁ ସଫେଇ ଏବଂ ଝାଡୁ ଦେବା କାମ କରାଯାଉଥିଲା ବୋଲି ଅଭିଯୋଗ ହୋଇଥିଲା । ଜେଲ ମାନୁଆଲର କିଛି ବ୍ୟବସ୍ଥା ଅସାମ୍ବିଧାନିକ ବୋଲି ଘୋଷଣା କରାଯାଇଛି । ଏଭଳି ବ୍ୟବସ୍ଥା ମୌଳିକ ଅଧିକାରର ଉଲ୍ଲଂଘନ ବୋଲି କୋର୍ଟ କହିଛନ୍ତି । ସମ୍ବିଧାନର ଧାରା ୧୫ ଓ ୨୧ ଅନୁଯାୟୀ ପ୍ରତ୍ୟେକ ନାଗରିକ ସମାନ ଅଧିକାର ପାଇବାର ହକଦାର । ଏଣୁ ଜେଲରେ ଜାତି ଭିତ୍ତିକ ଭେଦଭାବ ଗ୍ରହଣୀୟ ନୁହେଁ ବୋଲି ପ୍ରଧାନ ବିଚାରପତି କହିଛନ୍ତି । ରାଜ୍ୟ ସରକାରମାନଙ୍କୁ ଏହି ଦିଗରେ ପଦକ୍ଷେପ ନେବାକୁ ନିର୍ଦ୍ଦେଶ ଦିଆଯାଇଛି ।

ନକଲି ଘିଅ ଆଦି ତିଆରି କାରଖାନାରେ ପୋଲିସର ଚଢ଼ାଉ ।
ସୋୟା ବଡ଼ି ଲାଇସେନ୍ସରେ ...

ପୋଲିସ ଓ ଖାଦ୍ୟ ସୁରକ୍ଷା ବିଭାଗ (ସିଏସଟି) ସ୍ୱାସ୍ଥ୍ୟ ବିଭାଗ ପକ୍ଷରୁ ଉକ୍ତ କାରଖାନା ଉପରେ ଚଢ଼ାଉ କରାଯାଇଥିଲା । ଏହି ସମୟରେ ୨୦ ରୁ ଅଧିକ ପ୍ରକାର ନକଲି ଜିନିଷ ଯଥା ଘିଅ, ଜାମ୍‌, ସସ୍‌, ଚିପ୍‌ସ, ତେଲ ଆଦି ଜବତ କରାଯାଇଛି । ସୋୟା ବଡ଼ି ପ୍ରସ୍ତୁତ ପାଇଁ ଲାଇସେନ୍ସ ନେଇ ନକଲି ଖାଦ୍ୟ ସାମଗ୍ରୀ ତିଆରି କରାଯାଉଥିଲା । କାରଖାନାରୁ ବିପୁଳ ପରିମାଣର ନକଲି ସାମଗ୍ରୀ ଜବତ ହୋଇଛି । ଏହାର ମୂଲ୍ୟ ଲକ୍ଷାଧିକ ଟଙ୍କା ହେବ ବୋଲି ପୋଲିସ କହିଛି । ଏହି ସାମଗ୍ରୀ ବିଭିନ୍ନ ବଜାରକୁ ଯୋଗାଣ କରାଯାଉଥିଲା । କାରଖାନା ମାଲିକଙ୍କ ବିରୋଧରେ ମାମଲା ରୁଜୁ କରାଯାଇଛି । ଖାଦ୍ୟ ନମୁନାକୁ ପରୀକ୍ଷା ପାଇଁ ଲାବୋରେଟୋରୀକୁ ପଠାଯାଇଛି । ଅଭିଯୁକ୍ତଙ୍କୁ ଗିରଫ କରାଯାଇଛି ଏବଂ ତଦନ୍ତ ଜାରି ରହିଛି । ସାଧାରଣ ଲୋକଙ୍କ ସ୍ୱାସ୍ଥ୍ୟ ସହ ଖେଳବାଡ଼ କରୁଥିବା ଏଭଳି ଚକ୍ରକୁ ଭାଙ୍ଗିବା ପାଇଁ ପୋଲିସ ଅଭିଯାନ ଜାରି ରଖିବ ବୋଲି ସୂଚନା ମିଳିଛି ।

ଓ ରାଶି ରେଳ ପ୍ରସ୍ତୁତ କରୁଥିଲା ଜାଣିବାକୁ ମିଳିଛି । ସ୍ୱାସ୍ଥ୍ୟ ବିଭାଗର ସହଯୋଗରେ ଏହି ଚଢ଼ାଉ କରାଯାଇଥିଲା । ଉକ୍ତ କାରଖାନାରେ ନକଲି ସାମଗ୍ରୀ ମିଶ୍ରଣ କରାଯାଉଥିଲା । ଏକ ବ୍ରାଣ୍ଡେଡ କମ୍ପାନୀର ନାମରେ ଏହି ସାମଗ୍ରୀ ବଜାରରେ ବିକ୍ରି ହେଉଥିଲା । କାରଖାନାରୁ ପ୍ୟାକେଜିଂ ସାମଗ୍ରୀ, ଲେବଲ ଓ ମେସିନ ଜବତ ହୋଇଛି । କମିଶନରେଟ ପୋଲିସ ଅଧିକ ତଦନ୍ତ ଚଳାଇଛି । ଏଥିରେ ଆଉ କିଏ ସମ୍ପୃକ୍ତ ଅଛନ୍ତି ତାହା ଜାଣିବାକୁ ପୋଲିସ ଚେଷ୍ଟା କରୁଛି । ସାଧାରଣ ଲୋକମାନେ ଖାଦ୍ୟ ସାମଗ୍ରୀ କିଣିବା ବେଳେ ସତର୍କ ରହିବାକୁ ପରାମର୍ଶ ଦିଆଯାଇଛି । ବିଭିନ୍ନ ଅଞ୍ଚଳରେ ଏଭଳି ନକଲି କାରବାର ଚାଲିଥିବା ସନ୍ଦେହ କରାଯାଉଛି । ଖାଦ୍ୟ ସୁରକ୍ଷା ଅଧିକାରୀ ସମସ୍ତ ଦୋକାନରେ ଯାଞ୍ଚ କରିବେ । ଲାଇସେନ୍ସ ବିନା କାରବାର କରୁଥିବା ବ୍ୟବସାୟୀଙ୍କ ବିରୋଧରେ କାର୍ଯ୍ୟାନୁଷ୍ଠାନ ନିଆଯିବ ବୋଲି ସ୍ପଷ୍ଟ କରାଯାଇଛି ।

08
